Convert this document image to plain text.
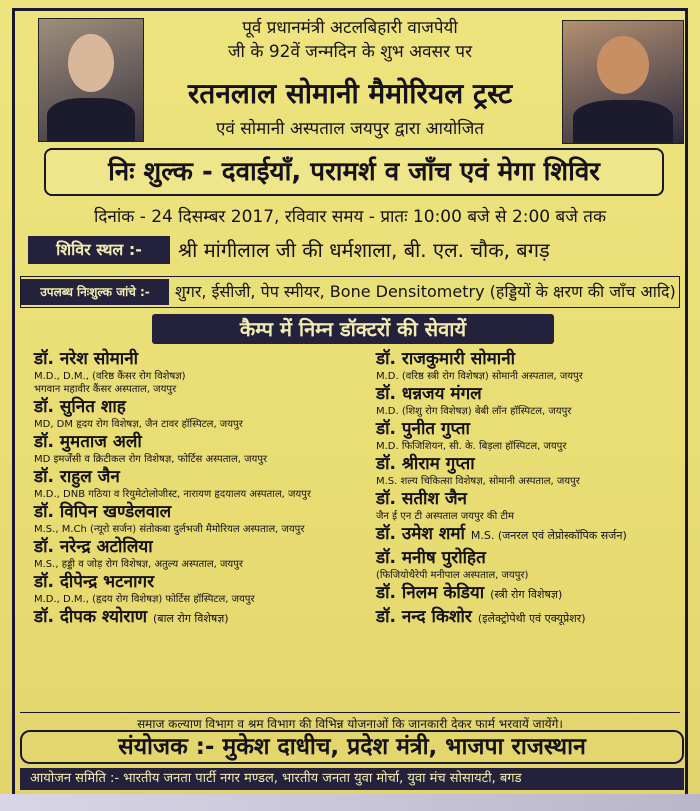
पूर्व प्रधानमंत्री अटलबिहारी वाजपेयी
जी के 92वें जन्मदिन के शुभ अवसर पर
रतनलाल सोमानी मैमोरियल ट्रस्ट
एवं सोमानी अस्पताल जयपुर द्वारा आयोजित
निः शुल्क - दवाईयाँ, परामर्श व जाँच एवं मेगा शिविर
दिनांक - 24 दिसम्बर 2017, रविवार समय - प्रातः 10:00 बजे से 2:00 बजे तक
शिविर स्थल :-	श्री मांगीलाल जी की धर्मशाला, बी. एल. चौक, बगड़
उपलब्ध निःशुल्क जांचे :-	शुगर, ईसीजी, पेप स्मीयर, Bone Densitometry (हड्डियों के क्षरण की जाँच आदि)
कैम्प में निम्न डॉक्टरों की सेवायें
डॉ. नरेश सोमानी
M.D., D.M., (वरिष्ठ कैंसर रोग विशेषज्ञ)
भगवान महावीर कैंसर अस्पताल, जयपुर
डॉ. सुनित शाह
MD, DM हृदय रोग विशेषज्ञ, जैन टावर हॉस्पिटल, जयपुर
डॉ. मुमताज अली
MD इमर्जेंसी व क्रिटीकल रोग विशेषज्ञ, फोर्टिस अस्पताल, जयपुर
डॉ. राहुल जैन
M.D., DNB गठिया व रियुमेटोलोजीस्ट, नारायण हृदयालय अस्पताल, जयपुर
डॉ. विपिन खण्डेलवाल
M.S., M.Ch (न्यूरो सर्जन) संतोकबा दुर्लभजी मैमोरियल अस्पताल, जयपुर
डॉ. नरेन्द्र अटोलिया
M.S., हड्डी व जोड़ रोग विशेषज्ञ, अतुल्य अस्पताल, जयपुर
डॉ. दीपेन्द्र भटनागर
M.D., D.M., (हृदय रोग विशेषज्ञ) फोर्टिस हॉस्पिटल, जयपुर
डॉ. दीपक श्योराण (बाल रोग विशेषज्ञ)
डॉ. राजकुमारी सोमानी
M.D. (वरिष्ठ स्त्री रोग विशेषज्ञ) सोमानी अस्पताल, जयपुर
डॉ. धन्नजय मंगल
M.D. (शिशु रोग विशेषज्ञ) बेबी लॉन हॉस्पिटल, जयपुर
डॉ. पुनीत गुप्ता
M.D. फिजिशियन, सी. के. बिड़ला हॉस्पिटल, जयपुर
डॉ. श्रीराम गुप्ता
M.S. शल्य चिकित्सा विशेषज्ञ, सोमानी अस्पताल, जयपुर
डॉ. सतीश जैन
जैन ई एन टी अस्पताल जयपुर की टीम
डॉ. उमेश शर्मा M.S. (जनरल एवं लेप्रोस्कॉपिक सर्जन)
डॉ. मनीष पुरोहित
(फिजियोथैरेपी मनीपाल अस्पताल, जयपुर)
डॉ. निलम केडिया (स्त्री रोग विशेषज्ञ)
डॉ. नन्द किशोर (इलेक्ट्रोपेथी एवं एक्यूप्रेशर)
समाज कल्याण विभाग व श्रम विभाग की विभिन्न योजनाओं कि जानकारी देकर फार्म भरवायें जायेंगे।
संयोजक :- मुकेश दाधीच, प्रदेश मंत्री, भाजपा राजस्थान
आयोजन समिति :- भारतीय जनता पार्टी नगर मण्डल, भारतीय जनता युवा मोर्चा, युवा मंच सोसायटी, बगड
